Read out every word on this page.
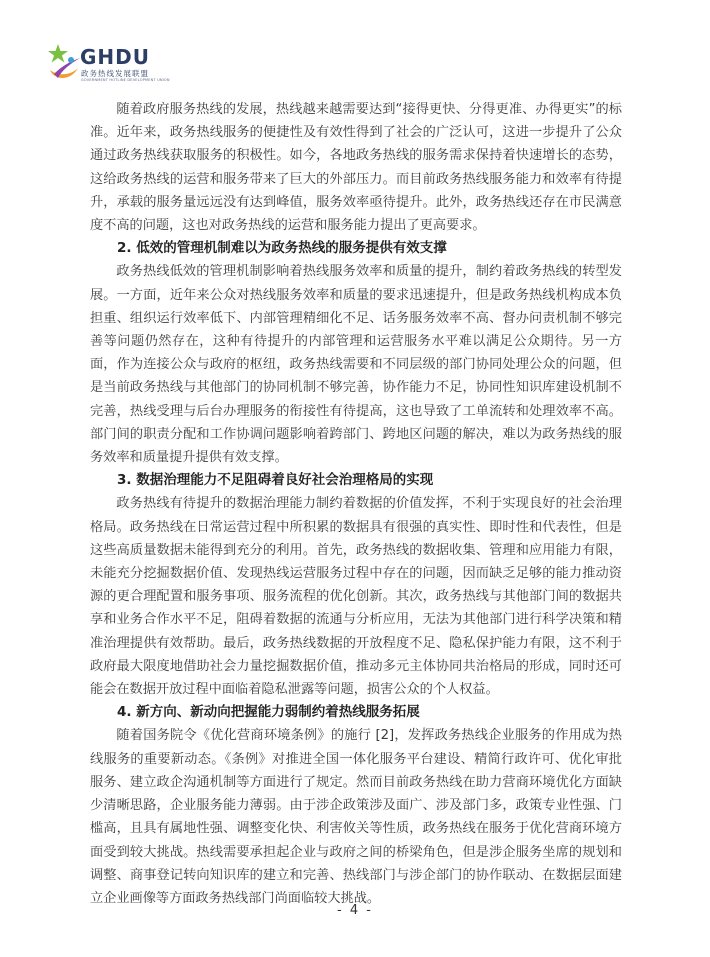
GHDU
政务热线发展联盟
GOVERNMENT HOTLINE DEVELOPMENT UNION

随着政府服务热线的发展，热线越来越需要达到“接得更快、分得更准、办得更实”的标准。近年来，政务热线服务的便捷性及有效性得到了社会的广泛认可，这进一步提升了公众通过政务热线获取服务的积极性。如今，各地政务热线的服务需求保持着快速增长的态势，这给政务热线的运营和服务带来了巨大的外部压力。而目前政务热线服务能力和效率有待提升，承载的服务量远远没有达到峰值，服务效率亟待提升。此外，政务热线还存在市民满意度不高的问题，这也对政务热线的运营和服务能力提出了更高要求。

2. 低效的管理机制难以为政务热线的服务提供有效支撑

政务热线低效的管理机制影响着热线服务效率和质量的提升，制约着政务热线的转型发展。一方面，近年来公众对热线服务效率和质量的要求迅速提升，但是政务热线机构成本负担重、组织运行效率低下、内部管理精细化不足、话务服务效率不高、督办问责机制不够完善等问题仍然存在，这种有待提升的内部管理和运营服务水平难以满足公众期待。另一方面，作为连接公众与政府的枢纽，政务热线需要和不同层级的部门协同处理公众的问题，但是当前政务热线与其他部门的协同机制不够完善，协作能力不足，协同性知识库建设机制不完善，热线受理与后台办理服务的衔接性有待提高，这也导致了工单流转和处理效率不高。部门间的职责分配和工作协调问题影响着跨部门、跨地区问题的解决，难以为政务热线的服务效率和质量提升提供有效支撑。

3. 数据治理能力不足阻碍着良好社会治理格局的实现

政务热线有待提升的数据治理能力制约着数据的价值发挥，不利于实现良好的社会治理格局。政务热线在日常运营过程中所积累的数据具有很强的真实性、即时性和代表性，但是这些高质量数据未能得到充分的利用。首先，政务热线的数据收集、管理和应用能力有限，未能充分挖掘数据价值、发现热线运营服务过程中存在的问题，因而缺乏足够的能力推动资源的更合理配置和服务事项、服务流程的优化创新。其次，政务热线与其他部门间的数据共享和业务合作水平不足，阻碍着数据的流通与分析应用，无法为其他部门进行科学决策和精准治理提供有效帮助。最后，政务热线数据的开放程度不足、隐私保护能力有限，这不利于政府最大限度地借助社会力量挖掘数据价值，推动多元主体协同共治格局的形成，同时还可能会在数据开放过程中面临着隐私泄露等问题，损害公众的个人权益。

4. 新方向、新动向把握能力弱制约着热线服务拓展

随着国务院令《优化营商环境条例》的施行 [2]，发挥政务热线企业服务的作用成为热线服务的重要新动态。《条例》对推进全国一体化服务平台建设、精简行政许可、优化审批服务、建立政企沟通机制等方面进行了规定。然而目前政务热线在助力营商环境优化方面缺少清晰思路，企业服务能力薄弱。由于涉企政策涉及面广、涉及部门多，政策专业性强、门槛高，且具有属地性强、调整变化快、利害攸关等性质，政务热线在服务于优化营商环境方面受到较大挑战。热线需要承担起企业与政府之间的桥梁角色，但是涉企服务坐席的规划和调整、商事登记转向知识库的建立和完善、热线部门与涉企部门的协作联动、在数据层面建立企业画像等方面政务热线部门尚面临较大挑战。

- 4 -
